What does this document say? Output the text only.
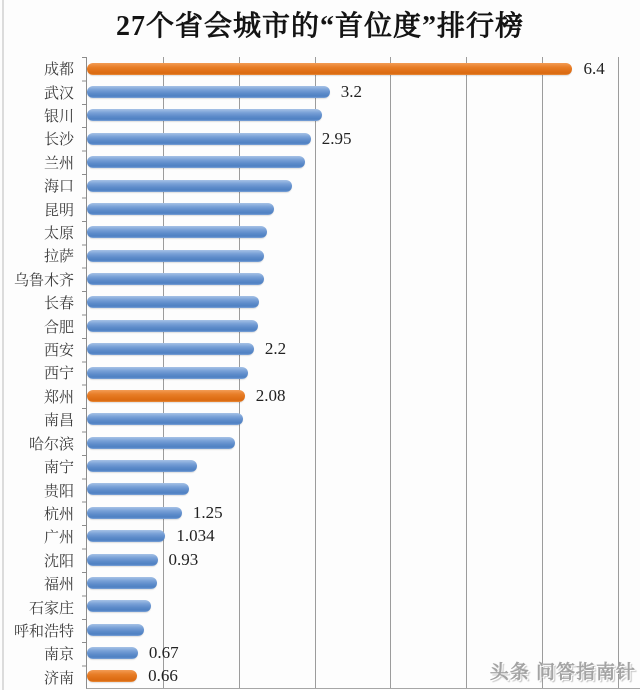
27个省会城市的“首位度”排行榜
成都
武汉
银川
长沙
兰州
海口
昆明
太原
拉萨
乌鲁木齐
长春
合肥
西安
西宁
郑州
南昌
哈尔滨
南宁
贵阳
杭州
广州
沈阳
福州
石家庄
呼和浩特
南京
济南
6.4
3.2
2.95
2.2
2.08
1.25
1.034
0.93
0.67
0.66	头条 问答指南针
